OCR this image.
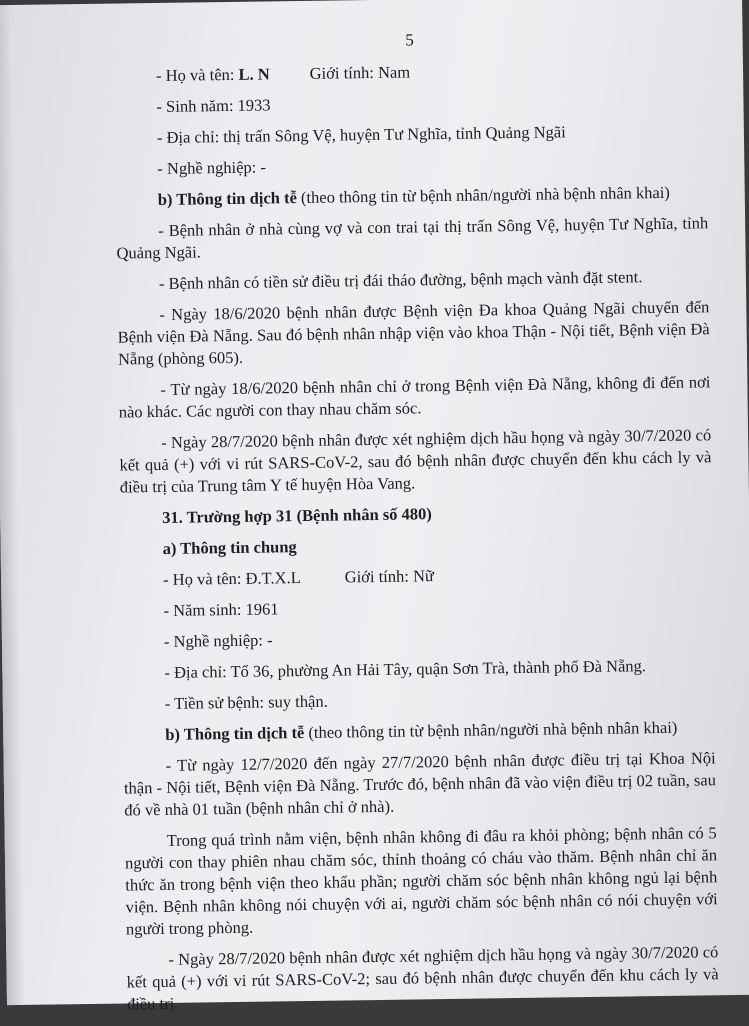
5

- Họ và tên: L. N Giới tính: Nam

- Sinh năm: 1933

- Địa chỉ: thị trấn Sông Vệ, huyện Tư Nghĩa, tỉnh Quảng Ngãi

- Nghề nghiệp: -

b) Thông tin dịch tễ (theo thông tin từ bệnh nhân/người nhà bệnh nhân khai)

- Bệnh nhân ở nhà cùng vợ và con trai tại thị trấn Sông Vệ, huyện Tư Nghĩa, tỉnh Quảng Ngãi.

- Bệnh nhân có tiền sử điều trị đái tháo đường, bệnh mạch vành đặt stent.

- Ngày 18/6/2020 bệnh nhân được Bệnh viện Đa khoa Quảng Ngãi chuyển đến Bệnh viện Đà Nẵng. Sau đó bệnh nhân nhập viện vào khoa Thận - Nội tiết, Bệnh viện Đà Nẵng (phòng 605).

- Từ ngày 18/6/2020 bệnh nhân chỉ ở trong Bệnh viện Đà Nẵng, không đi đến nơi nào khác. Các người con thay nhau chăm sóc.

- Ngày 28/7/2020 bệnh nhân được xét nghiệm dịch hầu họng và ngày 30/7/2020 có kết quả (+) với vi rút SARS-CoV-2, sau đó bệnh nhân được chuyển đến khu cách ly và điều trị của Trung tâm Y tế huyện Hòa Vang.

31. Trường hợp 31 (Bệnh nhân số 480)

a) Thông tin chung

- Họ và tên: Đ.T.X.L	Giới tính: Nữ

- Năm sinh: 1961

- Nghề nghiệp: -

- Địa chỉ: Tổ 36, phường An Hải Tây, quận Sơn Trà, thành phố Đà Nẵng.

- Tiền sử bệnh: suy thận.

b) Thông tin dịch tễ (theo thông tin từ bệnh nhân/người nhà bệnh nhân khai)

- Từ ngày 12/7/2020 đến ngày 27/7/2020 bệnh nhân được điều trị tại Khoa Nội thận - Nội tiết, Bệnh viện Đà Nẵng. Trước đó, bệnh nhân đã vào viện điều trị 02 tuần, sau đó về nhà 01 tuần (bệnh nhân chỉ ở nhà).

Trong quá trình nằm viện, bệnh nhân không đi đâu ra khỏi phòng; bệnh nhân có 5 người con thay phiên nhau chăm sóc, thỉnh thoảng có cháu vào thăm. Bệnh nhân chỉ ăn thức ăn trong bệnh viện theo khẩu phần; người chăm sóc bệnh nhân không ngủ lại bệnh viện. Bệnh nhân không nói chuyện với ai, người chăm sóc bệnh nhân có nói chuyện với người trong phòng.

- Ngày 28/7/2020 bệnh nhân được xét nghiệm dịch hầu họng và ngày 30/7/2020 có kết quả (+) với vi rút SARS-CoV-2; sau đó bệnh nhân được chuyển đến khu cách ly và điều trị.
